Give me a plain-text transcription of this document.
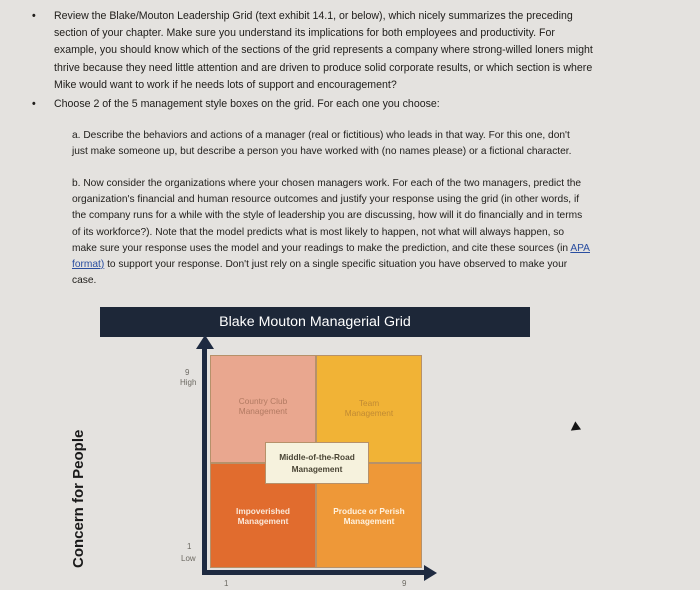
• Review the Blake/Mouton Leadership Grid (text exhibit 14.1, or below), which nicely summarizes the preceding
section of your chapter. Make sure you understand its implications for both employees and productivity. For
example, you should know which of the sections of the grid represents a company where strong-willed loners might
thrive because they need little attention and are driven to produce solid corporate results, or which section is where
Mike would want to work if he needs lots of support and encouragement?
• Choose 2 of the 5 management style boxes on the grid. For each one you choose:
a. Describe the behaviors and actions of a manager (real or fictitious) who leads in that way. For this one, don't
just make someone up, but describe a person you have worked with (no names please) or a fictional character.
b. Now consider the organizations where your chosen managers work. For each of the two managers, predict the
organization's financial and human resource outcomes and justify your response using the grid (in other words, if
the company runs for a while with the style of leadership you are discussing, how will it do financially and in terms
of its workforce?). Note that the model predicts what is most likely to happen, not what will always happen, so
make sure your response uses the model and your readings to make the prediction, and cite these sources (in APA
format) to support your response. Don't just rely on a single specific situation you have observed to make your
case.
Blake Mouton Managerial Grid
Concern for People
9
High
1
Low
1	9
Country Club
Management
Team
Management
Impoverished
Management
Produce or Perish
Management
Middle-of-the-Road
Management
